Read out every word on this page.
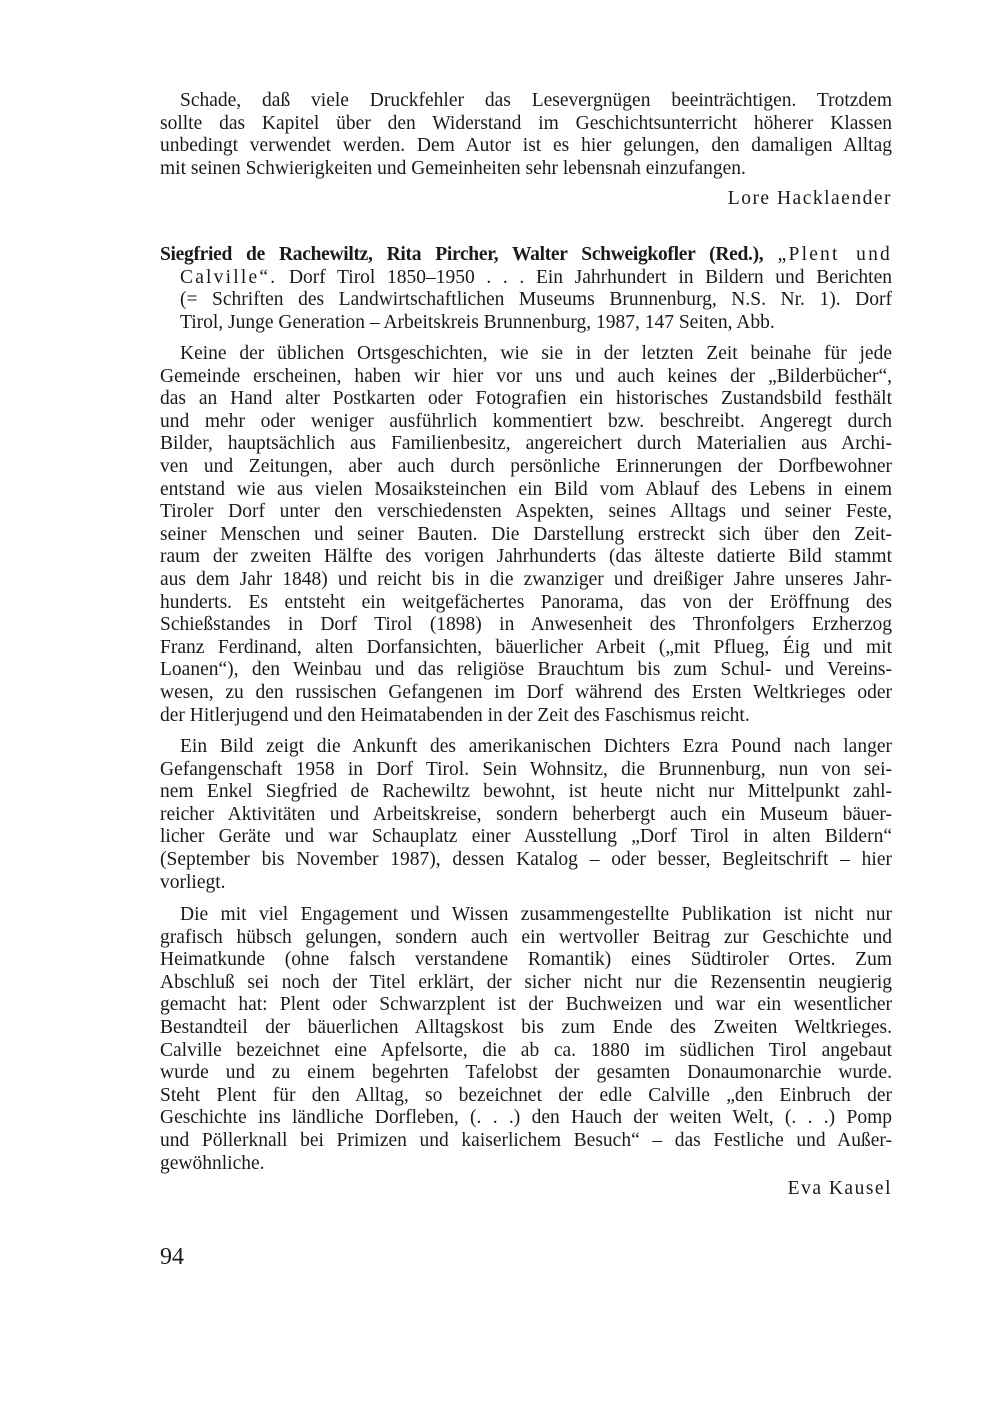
Schade, daß viele Druckfehler das Lesevergnügen beeinträchtigen. Trotzdem
sollte das Kapitel über den Widerstand im Geschichtsunterricht höherer Klassen
unbedingt verwendet werden. Dem Autor ist es hier gelungen, den damaligen Alltag
mit seinen Schwierigkeiten und Gemeinheiten sehr lebensnah einzufangen.
Lore Hacklaender
Siegfried de Rachewiltz, Rita Pircher, Walter Schweigkofler (Red.), „Plent und
Calville“. Dorf Tirol 1850–1950 . . . Ein Jahrhundert in Bildern und Berichten
(= Schriften des Landwirtschaftlichen Museums Brunnenburg, N.S. Nr. 1). Dorf
Tirol, Junge Generation – Arbeitskreis Brunnenburg, 1987, 147 Seiten, Abb.
Keine der üblichen Ortsgeschichten, wie sie in der letzten Zeit beinahe für jede
Gemeinde erscheinen, haben wir hier vor uns und auch keines der „Bilderbücher“,
das an Hand alter Postkarten oder Fotografien ein historisches Zustandsbild festhält
und mehr oder weniger ausführlich kommentiert bzw. beschreibt. Angeregt durch
Bilder, hauptsächlich aus Familienbesitz, angereichert durch Materialien aus Archi-
ven und Zeitungen, aber auch durch persönliche Erinnerungen der Dorfbewohner
entstand wie aus vielen Mosaiksteinchen ein Bild vom Ablauf des Lebens in einem
Tiroler Dorf unter den verschiedensten Aspekten, seines Alltags und seiner Feste,
seiner Menschen und seiner Bauten. Die Darstellung erstreckt sich über den Zeit-
raum der zweiten Hälfte des vorigen Jahrhunderts (das älteste datierte Bild stammt
aus dem Jahr 1848) und reicht bis in die zwanziger und dreißiger Jahre unseres Jahr-
hunderts. Es entsteht ein weitgefächertes Panorama, das von der Eröffnung des
Schießstandes in Dorf Tirol (1898) in Anwesenheit des Thronfolgers Erzherzog
Franz Ferdinand, alten Dorfansichten, bäuerlicher Arbeit („mit Pflueg, Éig und mit
Loanen“), den Weinbau und das religiöse Brauchtum bis zum Schul- und Vereins-
wesen, zu den russischen Gefangenen im Dorf während des Ersten Weltkrieges oder
der Hitlerjugend und den Heimatabenden in der Zeit des Faschismus reicht.
Ein Bild zeigt die Ankunft des amerikanischen Dichters Ezra Pound nach langer
Gefangenschaft 1958 in Dorf Tirol. Sein Wohnsitz, die Brunnenburg, nun von sei-
nem Enkel Siegfried de Rachewiltz bewohnt, ist heute nicht nur Mittelpunkt zahl-
reicher Aktivitäten und Arbeitskreise, sondern beherbergt auch ein Museum bäuer-
licher Geräte und war Schauplatz einer Ausstellung „Dorf Tirol in alten Bildern“
(September bis November 1987), dessen Katalog – oder besser, Begleitschrift – hier
vorliegt.
Die mit viel Engagement und Wissen zusammengestellte Publikation ist nicht nur
grafisch hübsch gelungen, sondern auch ein wertvoller Beitrag zur Geschichte und
Heimatkunde (ohne falsch verstandene Romantik) eines Südtiroler Ortes. Zum
Abschluß sei noch der Titel erklärt, der sicher nicht nur die Rezensentin neugierig
gemacht hat: Plent oder Schwarzplent ist der Buchweizen und war ein wesentlicher
Bestandteil der bäuerlichen Alltagskost bis zum Ende des Zweiten Weltkrieges.
Calville bezeichnet eine Apfelsorte, die ab ca. 1880 im südlichen Tirol angebaut
wurde und zu einem begehrten Tafelobst der gesamten Donaumonarchie wurde.
Steht Plent für den Alltag, so bezeichnet der edle Calville „den Einbruch der
Geschichte ins ländliche Dorfleben, (. . .) den Hauch der weiten Welt, (. . .) Pomp
und Pöllerknall bei Primizen und kaiserlichem Besuch“ – das Festliche und Außer-
gewöhnliche.
Eva Kausel
94
